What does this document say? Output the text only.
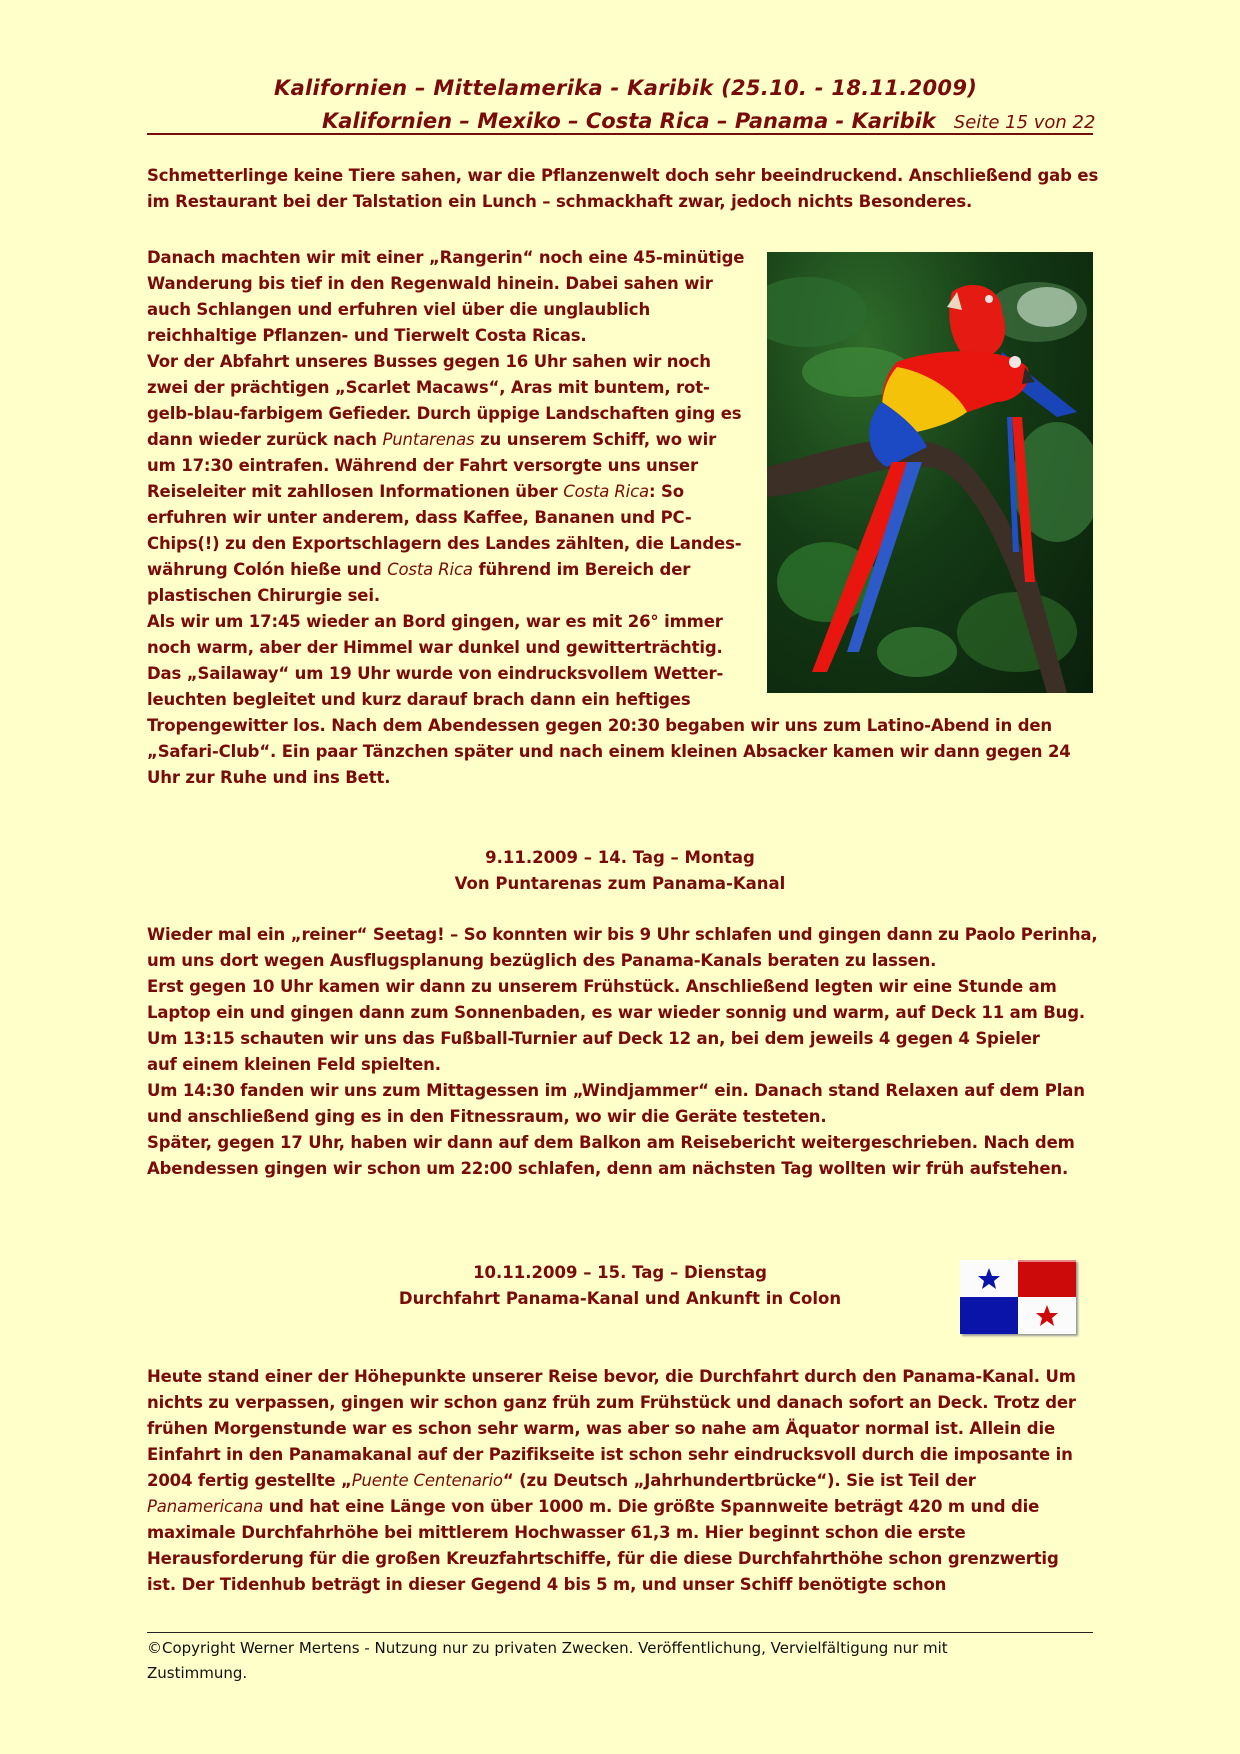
Kalifornien – Mittelamerika - Karibik (25.10. - 18.11.2009)
Kalifornien – Mexiko – Costa Rica – Panama - Karibik Seite 15 von 22
Schmetterlinge keine Tiere sahen, war die Pflanzenwelt doch sehr beeindruckend. Anschließend gab es
im Restaurant bei der Talstation ein Lunch – schmackhaft zwar, jedoch nichts Besonderes.
Danach machten wir mit einer „Rangerin“ noch eine 45-minütige
Wanderung bis tief in den Regenwald hinein. Dabei sahen wir
auch Schlangen und erfuhren viel über die unglaublich
reichhaltige Pflanzen- und Tierwelt Costa Ricas.
Vor der Abfahrt unseres Busses gegen 16 Uhr sahen wir noch
zwei der prächtigen „Scarlet Macaws“, Aras mit buntem, rot-
gelb-blau-farbigem Gefieder. Durch üppige Landschaften ging es
dann wieder zurück nach Puntarenas zu unserem Schiff, wo wir
um 17:30 eintrafen. Während der Fahrt versorgte uns unser
Reiseleiter mit zahllosen Informationen über Costa Rica: So
erfuhren wir unter anderem, dass Kaffee, Bananen und PC-
Chips(!) zu den Exportschlagern des Landes zählten, die Landes-
währung Colón hieße und Costa Rica führend im Bereich der
plastischen Chirurgie sei.
Als wir um 17:45 wieder an Bord gingen, war es mit 26° immer
noch warm, aber der Himmel war dunkel und gewitterträchtig.
Das „Sailaway“ um 19 Uhr wurde von eindrucksvollem Wetter-
leuchten begleitet und kurz darauf brach dann ein heftiges
Tropengewitter los. Nach dem Abendessen gegen 20:30 begaben wir uns zum Latino-Abend in den
„Safari-Club“. Ein paar Tänzchen später und nach einem kleinen Absacker kamen wir dann gegen 24
Uhr zur Ruhe und ins Bett.
9.11.2009 – 14. Tag – Montag
Von Puntarenas zum Panama-Kanal
Wieder mal ein „reiner“ Seetag! – So konnten wir bis 9 Uhr schlafen und gingen dann zu Paolo Perinha,
um uns dort wegen Ausflugsplanung bezüglich des Panama-Kanals beraten zu lassen.
Erst gegen 10 Uhr kamen wir dann zu unserem Frühstück. Anschließend legten wir eine Stunde am
Laptop ein und gingen dann zum Sonnenbaden, es war wieder sonnig und warm, auf Deck 11 am Bug.
Um 13:15 schauten wir uns das Fußball-Turnier auf Deck 12 an, bei dem jeweils 4 gegen 4 Spieler
auf einem kleinen Feld spielten.
Um 14:30 fanden wir uns zum Mittagessen im „Windjammer“ ein. Danach stand Relaxen auf dem Plan
und anschließend ging es in den Fitnessraum, wo wir die Geräte testeten.
Später, gegen 17 Uhr, haben wir dann auf dem Balkon am Reisebericht weitergeschrieben. Nach dem
Abendessen gingen wir schon um 22:00 schlafen, denn am nächsten Tag wollten wir früh aufstehen.
10.11.2009 – 15. Tag – Dienstag
Durchfahrt Panama-Kanal und Ankunft in Colon
Heute stand einer der Höhepunkte unserer Reise bevor, die Durchfahrt durch den Panama-Kanal. Um
nichts zu verpassen, gingen wir schon ganz früh zum Frühstück und danach sofort an Deck. Trotz der
frühen Morgenstunde war es schon sehr warm, was aber so nahe am Äquator normal ist. Allein die
Einfahrt in den Panamakanal auf der Pazifikseite ist schon sehr eindrucksvoll durch die imposante in
2004 fertig gestellte „Puente Centenario“ (zu Deutsch „Jahrhundertbrücke“). Sie ist Teil der
Panamericana und hat eine Länge von über 1000 m. Die größte Spannweite beträgt 420 m und die
maximale Durchfahrhöhe bei mittlerem Hochwasser 61,3 m. Hier beginnt schon die erste
Herausforderung für die großen Kreuzfahrtschiffe, für die diese Durchfahrthöhe schon grenzwertig
ist. Der Tidenhub beträgt in dieser Gegend 4 bis 5 m, und unser Schiff benötigte schon
©Copyright Werner Mertens - Nutzung nur zu privaten Zwecken. Veröffentlichung, Vervielfältigung nur mit Zustimmung.
